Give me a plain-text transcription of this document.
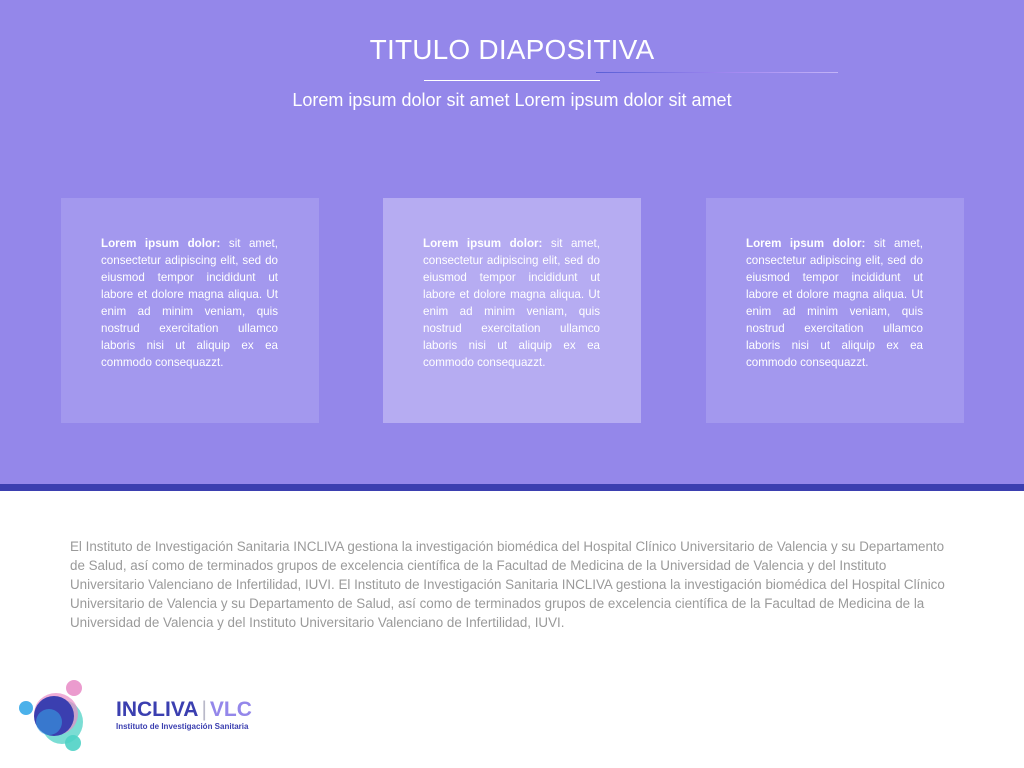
TITULO DIAPOSITIVA
Lorem ipsum dolor sit amet Lorem ipsum dolor sit amet
Lorem ipsum dolor: sit amet, consectetur adipiscing elit, sed do eiusmod tempor incididunt ut labore et dolore magna aliqua. Ut enim ad minim veniam, quis nostrud exercitation ullamco laboris nisi ut aliquip ex ea commodo consequazzt.
Lorem ipsum dolor: sit amet, consectetur adipiscing elit, sed do eiusmod tempor incididunt ut labore et dolore magna aliqua. Ut enim ad minim veniam, quis nostrud exercitation ullamco laboris nisi ut aliquip ex ea commodo consequazzt.
Lorem ipsum dolor: sit amet, consectetur adipiscing elit, sed do eiusmod tempor incididunt ut labore et dolore magna aliqua. Ut enim ad minim veniam, quis nostrud exercitation ullamco laboris nisi ut aliquip ex ea commodo consequazzt.
El Instituto de Investigación Sanitaria INCLIVA gestiona la investigación biomédica del Hospital Clínico Universitario de Valencia y su Departamento de Salud, así como de terminados grupos de excelencia científica de la Facultad de Medicina de la Universidad de Valencia y del Instituto Universitario Valenciano de Infertilidad, IUVI. El Instituto de Investigación Sanitaria INCLIVA gestiona la investigación biomédica del Hospital Clínico Universitario de Valencia y su Departamento de Salud, así como de terminados grupos de excelencia científica de la Facultad de Medicina de la Universidad de Valencia y del Instituto Universitario Valenciano de Infertilidad, IUVI.
INCLIVA | VLC
Instituto de Investigación Sanitaria
